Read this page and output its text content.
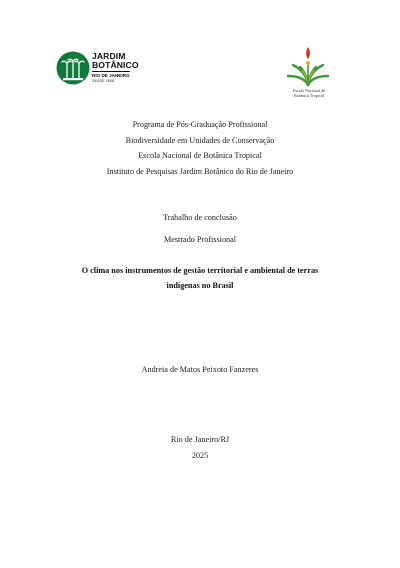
JARDIM
BOTÂNICO
RIO DE JANEIRO
DESDE 1808
Escola Nacional de
Botânica Tropical
Programa de Pós-Graduação Profissional
Biodiversidade em Unidades de Conservação
Escola Nacional de Botânica Tropical
Instituto de Pesquisas Jardim Botânico do Rio de Janeiro
Trabalho de conclusão
Mestrado Profissional
O clima nos instrumentos de gestão territorial e ambiental de terras
indígenas no Brasil
Andreia de Matos Peixoto Fanzeres
Rio de Janeiro/RJ
2025
